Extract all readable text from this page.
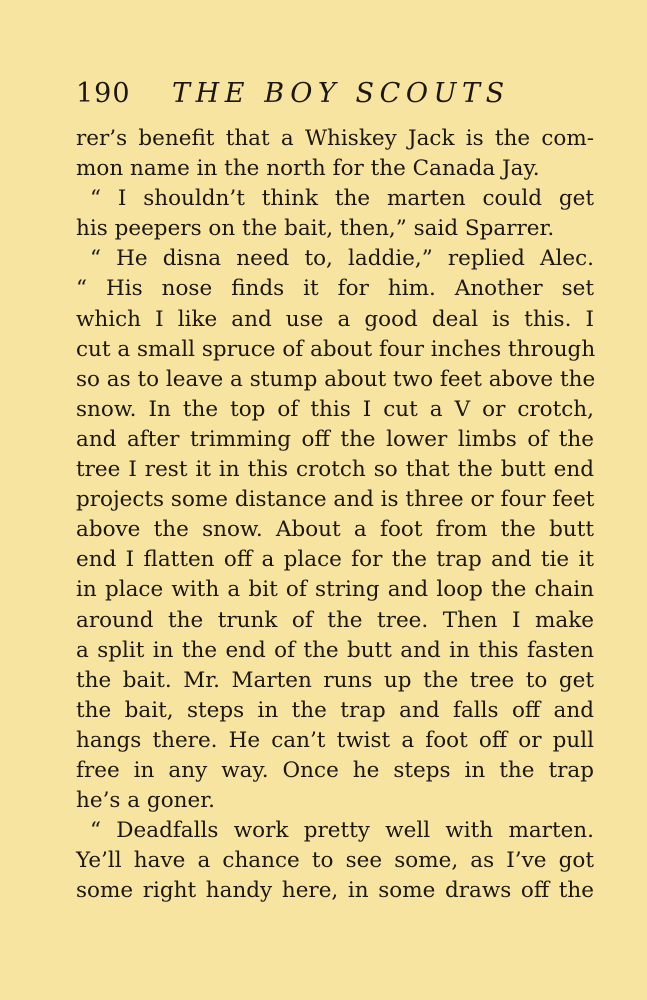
190 THE BOY SCOUTS
rer’s benefit that a Whiskey Jack is the com-
mon name in the north for the Canada Jay.
“ I shouldn’t think the marten could get
his peepers on the bait, then,” said Sparrer.
“ He disna need to, laddie,” replied Alec.
“ His nose finds it for him. Another set
which I like and use a good deal is this. I
cut a small spruce of about four inches through
so as to leave a stump about two feet above the
snow. In the top of this I cut a V or crotch,
and after trimming off the lower limbs of the
tree I rest it in this crotch so that the butt end
projects some distance and is three or four feet
above the snow. About a foot from the butt
end I flatten off a place for the trap and tie it
in place with a bit of string and loop the chain
around the trunk of the tree. Then I make
a split in the end of the butt and in this fasten
the bait. Mr. Marten runs up the tree to get
the bait, steps in the trap and falls off and
hangs there. He can’t twist a foot off or pull
free in any way. Once he steps in the trap
he’s a goner.
“ Deadfalls work pretty well with marten.
Ye’ll have a chance to see some, as I’ve got
some right handy here, in some draws off the
